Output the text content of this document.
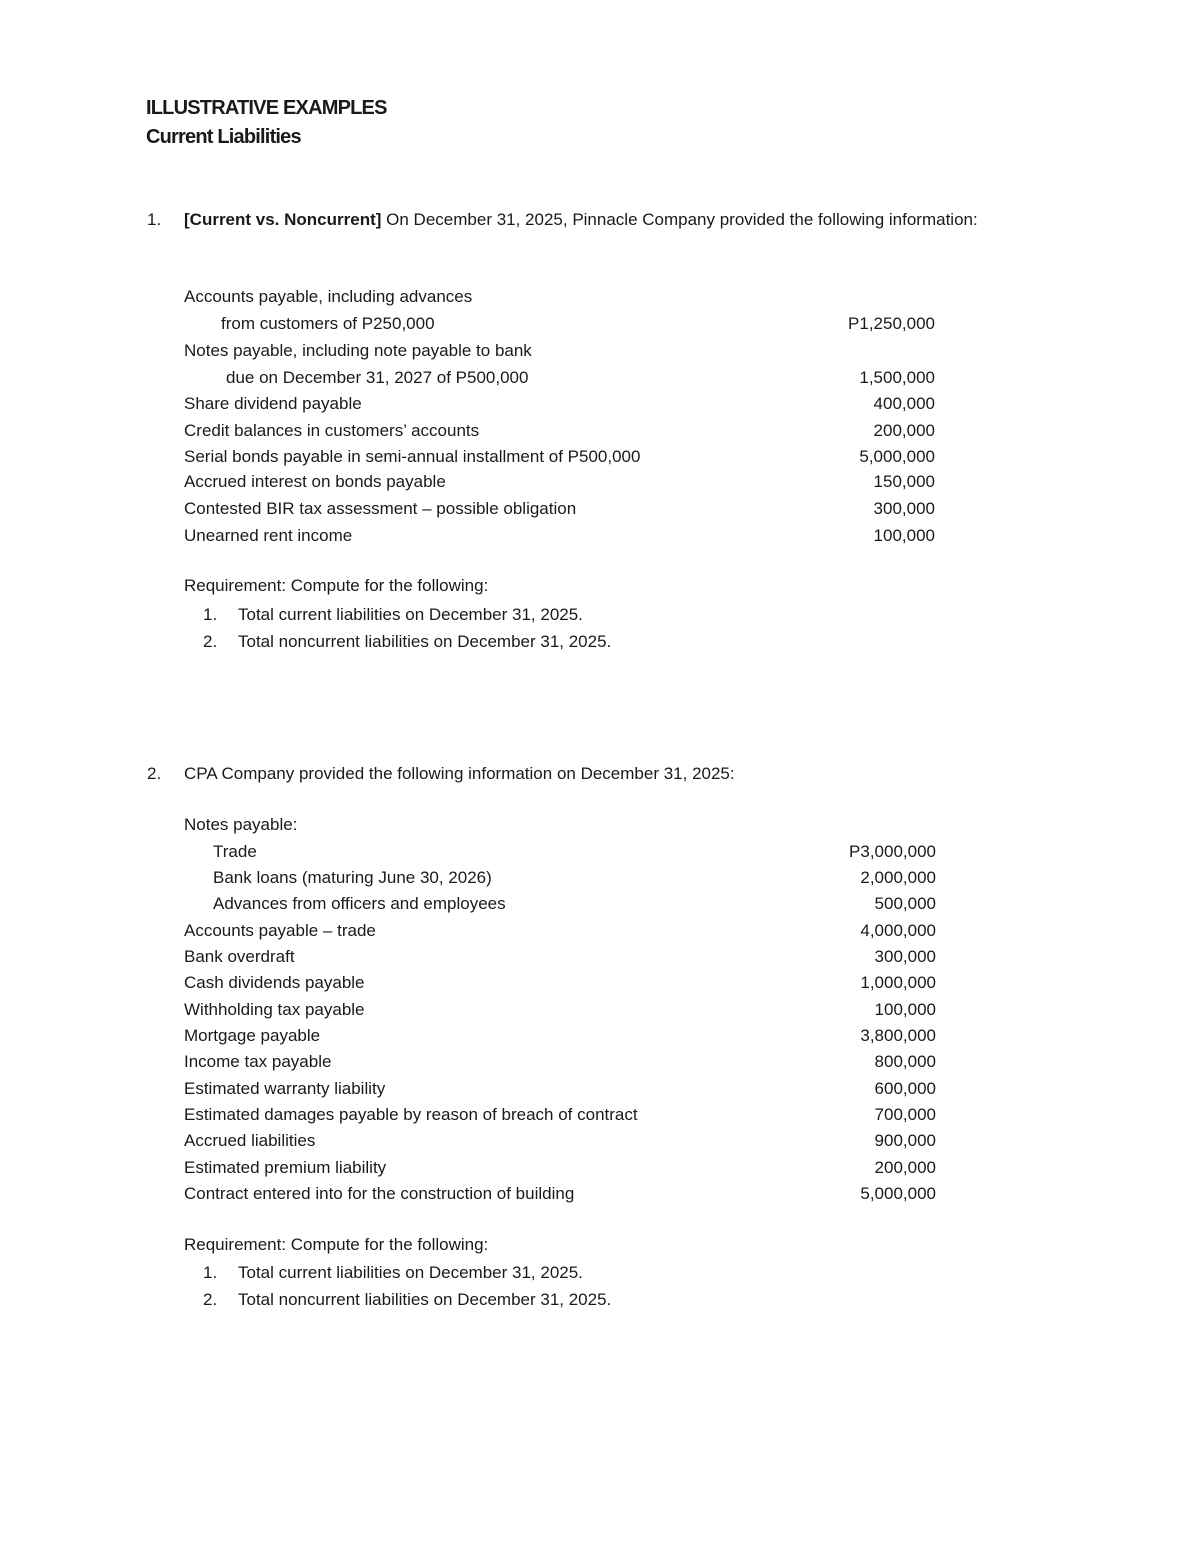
ILLUSTRATIVE EXAMPLES
Current Liabilities
1. [Current vs. Noncurrent] On December 31, 2025, Pinnacle Company provided the following information:
2. CPA Company provided the following information on December 31, 2025:
Accounts payable, including advances
from customers of P250,000	P1,250,000
Notes payable, including note payable to bank
due on December 31, 2027 of P500,000	1,500,000
Share dividend payable	400,000
Credit balances in customers’ accounts	200,000
Serial bonds payable in semi-annual installment of P500,000	5,000,000
Accrued interest on bonds payable	150,000
Contested BIR tax assessment – possible obligation	300,000
Unearned rent income	100,000
Requirement: Compute for the following:
1. Total current liabilities on December 31, 2025.
2. Total noncurrent liabilities on December 31, 2025.
Notes payable:
Trade	P3,000,000
Bank loans (maturing June 30, 2026)	2,000,000
Advances from officers and employees	500,000
Accounts payable – trade	4,000,000
Bank overdraft	300,000
Cash dividends payable	1,000,000
Withholding tax payable	100,000
Mortgage payable	3,800,000
Income tax payable	800,000
Estimated warranty liability	600,000
Estimated damages payable by reason of breach of contract	700,000
Accrued liabilities	900,000
Estimated premium liability	200,000
Contract entered into for the construction of building	5,000,000
Requirement: Compute for the following:
1. Total current liabilities on December 31, 2025.
2. Total noncurrent liabilities on December 31, 2025.
